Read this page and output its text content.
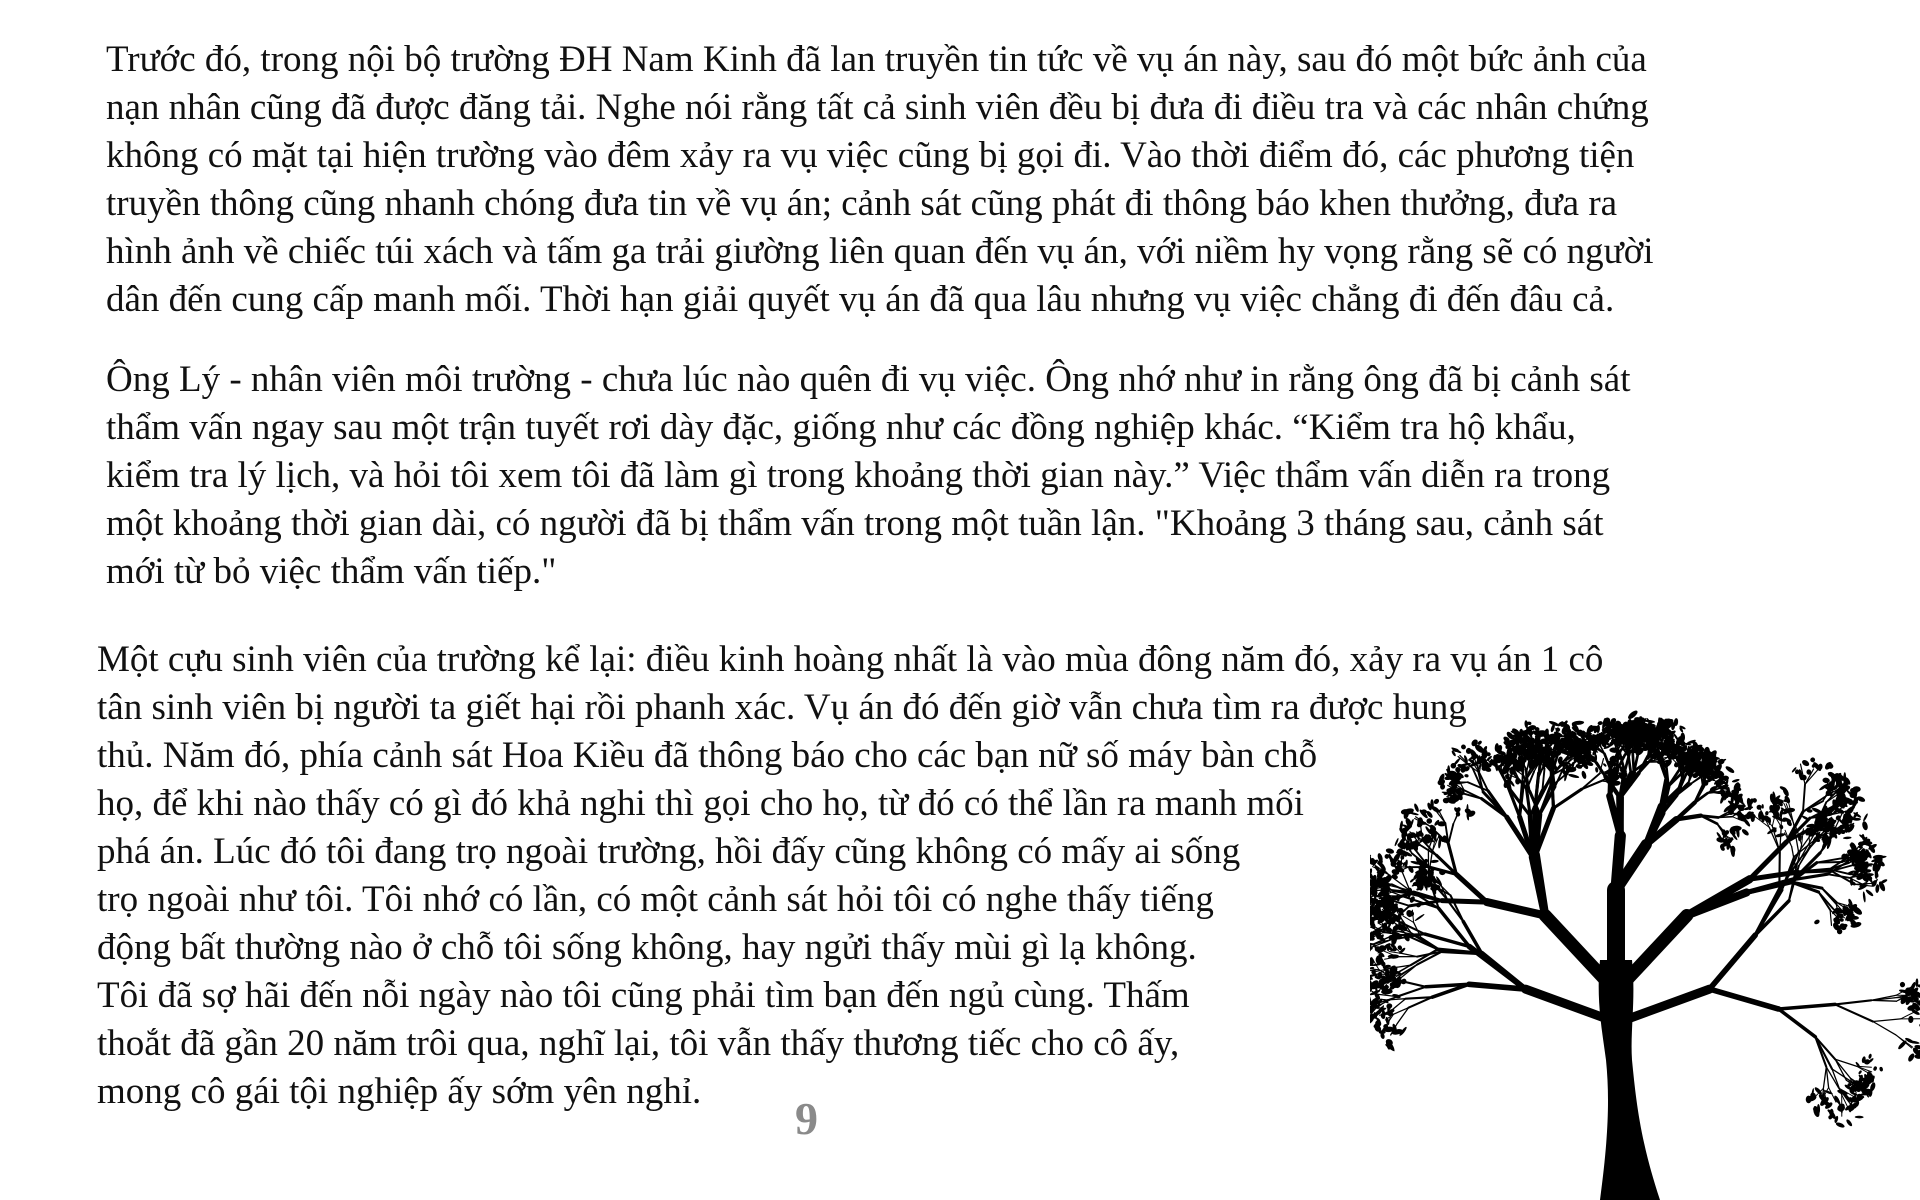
Trước đó, trong nội bộ trường ĐH Nam Kinh đã lan truyền tin tức về vụ án này, sau đó một bức ảnh của
nạn nhân cũng đã được đăng tải. Nghe nói rằng tất cả sinh viên đều bị đưa đi điều tra và các nhân chứng
không có mặt tại hiện trường vào đêm xảy ra vụ việc cũng bị gọi đi. Vào thời điểm đó, các phương tiện
truyền thông cũng nhanh chóng đưa tin về vụ án; cảnh sát cũng phát đi thông báo khen thưởng, đưa ra
hình ảnh về chiếc túi xách và tấm ga trải giường liên quan đến vụ án, với niềm hy vọng rằng sẽ có người
dân đến cung cấp manh mối. Thời hạn giải quyết vụ án đã qua lâu nhưng vụ việc chẳng đi đến đâu cả.
Ông Lý - nhân viên môi trường - chưa lúc nào quên đi vụ việc. Ông nhớ như in rằng ông đã bị cảnh sát
thẩm vấn ngay sau một trận tuyết rơi dày đặc, giống như các đồng nghiệp khác. “Kiểm tra hộ khẩu,
kiểm tra lý lịch, và hỏi tôi xem tôi đã làm gì trong khoảng thời gian này.” Việc thẩm vấn diễn ra trong
một khoảng thời gian dài, có người đã bị thẩm vấn trong một tuần lận. "Khoảng 3 tháng sau, cảnh sát
mới từ bỏ việc thẩm vấn tiếp."
Một cựu sinh viên của trường kể lại: điều kinh hoàng nhất là vào mùa đông năm đó, xảy ra vụ án 1 cô
tân sinh viên bị người ta giết hại rồi phanh xác. Vụ án đó đến giờ vẫn chưa tìm ra được hung
thủ. Năm đó, phía cảnh sát Hoa Kiều đã thông báo cho các bạn nữ số máy bàn chỗ
họ, để khi nào thấy có gì đó khả nghi thì gọi cho họ, từ đó có thể lần ra manh mối
phá án. Lúc đó tôi đang trọ ngoài trường, hồi đấy cũng không có mấy ai sống
trọ ngoài như tôi. Tôi nhớ có lần, có một cảnh sát hỏi tôi có nghe thấy tiếng
động bất thường nào ở chỗ tôi sống không, hay ngửi thấy mùi gì lạ không.
Tôi đã sợ hãi đến nỗi ngày nào tôi cũng phải tìm bạn đến ngủ cùng. Thấm
thoắt đã gần 20 năm trôi qua, nghĩ lại, tôi vẫn thấy thương tiếc cho cô ấy,
mong cô gái tội nghiệp ấy sớm yên nghỉ.
9
